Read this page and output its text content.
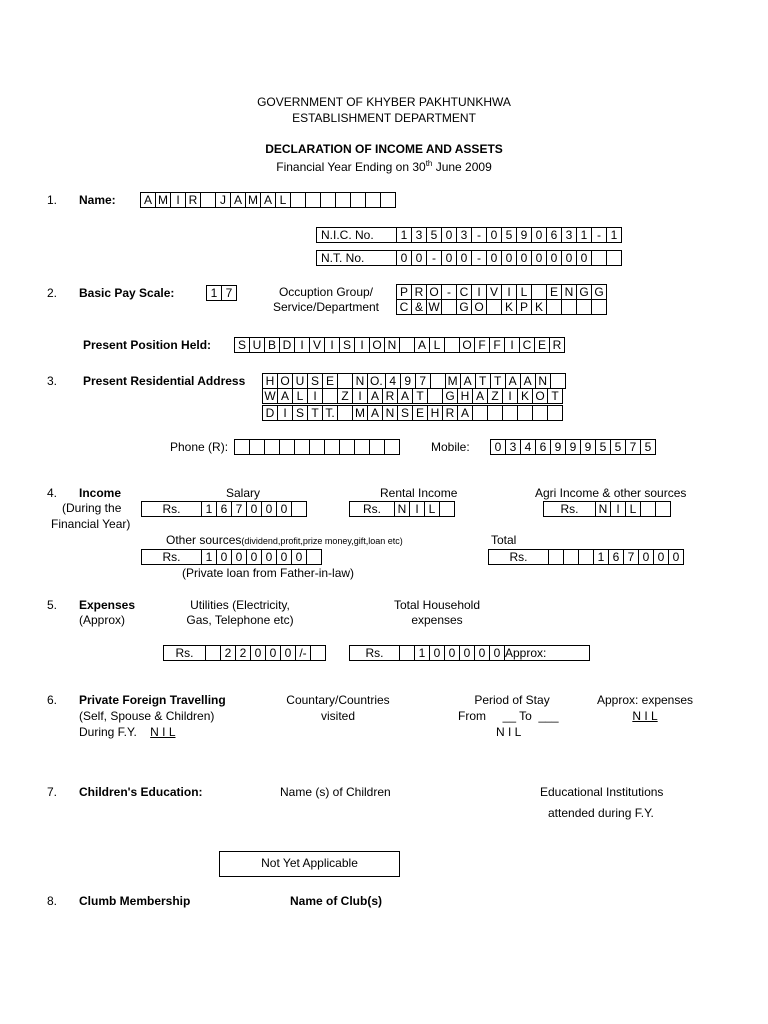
GOVERNMENT OF KHYBER PAKHTUNKHWA
ESTABLISHMENT DEPARTMENT
DECLARATION OF INCOME AND ASSETS
Financial Year Ending on 30th June 2009
1. Name: A M I R	J A M A L
N.I.C. No.	1 3 5 0 3 - 0 5 9 0 6 3 1 - 1
N.T. No.	0 0 - 0 0 - 0 0 0 0 0 0 0
2. Basic Pay Scale:	1 7	Occuption Group/
Service/Department
P R O - C I V I L	E N G G
C & W G O K P K
Present Position Held: S U B D I V I S I O N	A L	O F F I C E R
3. Present Residential Address H O U S E	N O. 4 9 7	M A T T A A N
W A L I	Z I A R A T	G H A Z I K O T
D I S T T. M A N S E H R A
Phone (R):	Mobile:	0 3 4 6 9 9 9 5 5 7 5
4. Income
(During the
Financial Year)
Salary
Rs.	1 6 7 0 0 0
Rental Income
Rs.	N I L
Agri Income & other sources
Rs.	N I L
Other sources(dividend,profit,prize money,gift,loan etc)
Rs.	1 0 0 0 0 0 0
(Private loan from Father-in-law)
Total
Rs.	1 6 7 0 0 0
5. Expenses
(Approx)
Utilities (Electricity,
Gas, Telephone etc)
Total Household
expenses
Rs.	2 2 0 0 0 /-	Rs.	1 0 0 0 0 0 Approx:
6. Private Foreign Travelling
(Self, Spouse & Children)
During F.Y. N I L
Countary/Countries
visited
Period of Stay
From     __ To  ___
N I L
Approx: expenses
N I L
7. Children's Education:	Name (s) of Children	Educational Institutions
attended during F.Y.
Not Yet Applicable
8. Clumb Membership	Name of Club(s)
